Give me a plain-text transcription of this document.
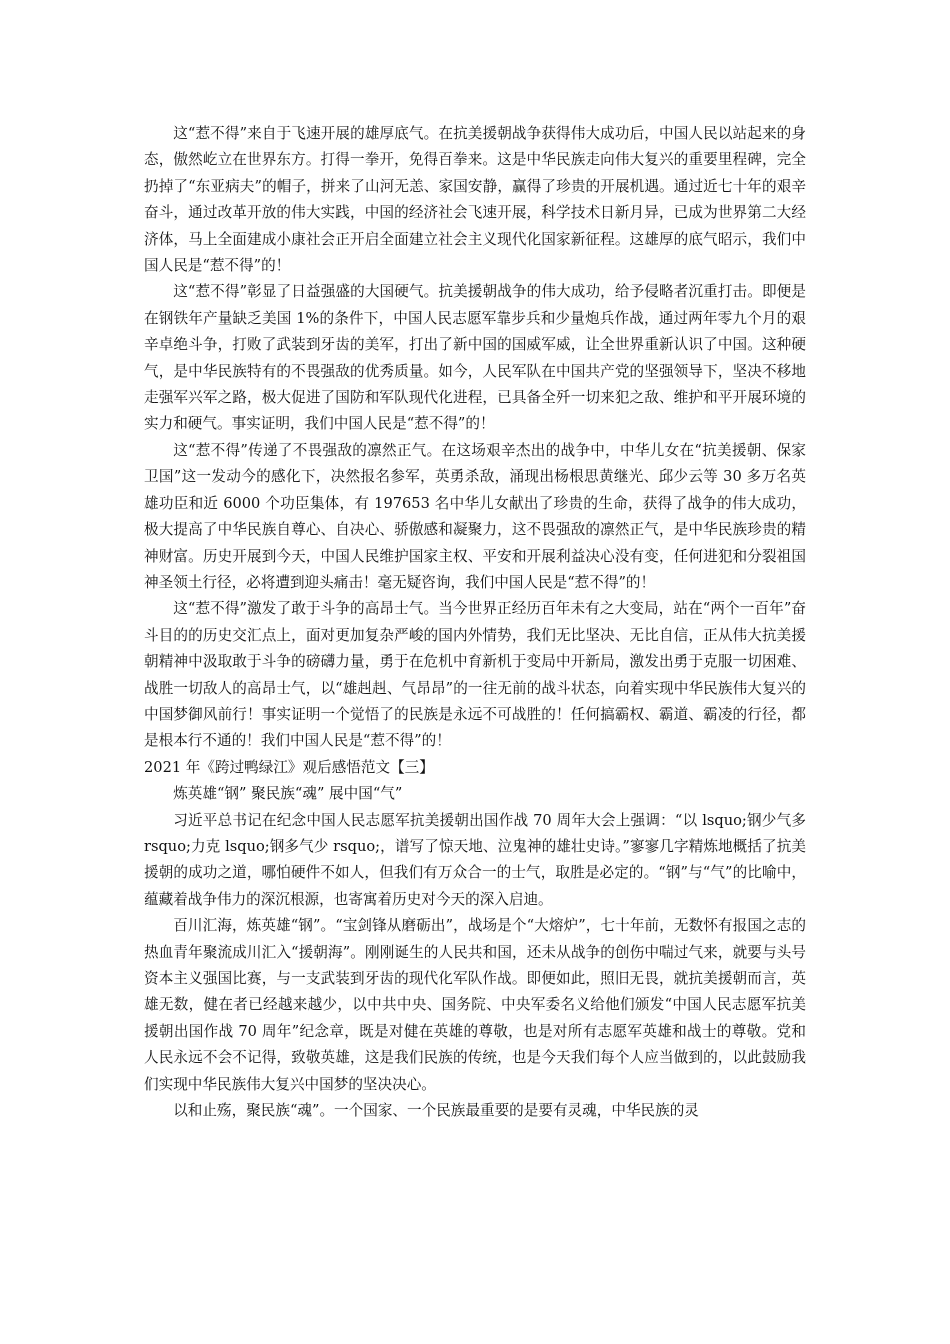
这“惹不得”来自于飞速开展的雄厚底气。在抗美援朝战争获得伟大成功后，中国人民以站起来的身态，傲然屹立在世界东方。打得一拳开，免得百拳来。这是中华民族走向伟大复兴的重要里程碑，完全扔掉了“东亚病夫”的帽子，拼来了山河无恙、家国安静，赢得了珍贵的开展机遇。通过近七十年的艰辛奋斗，通过改革开放的伟大实践，中国的经济社会飞速开展，科学技术日新月异，已成为世界第二大经济体，马上全面建成小康社会正开启全面建立社会主义现代化国家新征程。这雄厚的底气昭示，我们中国人民是“惹不得”的！

这“惹不得”彰显了日益强盛的大国硬气。抗美援朝战争的伟大成功，给予侵略者沉重打击。即便是在钢铁年产量缺乏美国 1%的条件下，中国人民志愿军靠步兵和少量炮兵作战，通过两年零九个月的艰辛卓绝斗争，打败了武装到牙齿的美军，打出了新中国的国威军威，让全世界重新认识了中国。这种硬气，是中华民族特有的不畏强敌的优秀质量。如今，人民军队在中国共产党的坚强领导下，坚决不移地走强军兴军之路，极大促进了国防和军队现代化进程，已具备全歼一切来犯之敌、维护和平开展环境的实力和硬气。事实证明，我们中国人民是“惹不得”的！

这“惹不得”传递了不畏强敌的凛然正气。在这场艰辛杰出的战争中，中华儿女在“抗美援朝、保家卫国”这一发动今的感化下，决然报名参军，英勇杀敌，涌现出杨根思黄继光、邱少云等 30 多万名英雄功臣和近 6000 个功臣集体，有 197653 名中华儿女献出了珍贵的生命，获得了战争的伟大成功，极大提高了中华民族自尊心、自决心、骄傲感和凝聚力，这不畏强敌的凛然正气，是中华民族珍贵的精神财富。历史开展到今天，中国人民维护国家主权、平安和开展利益决心没有变，任何进犯和分裂祖国神圣领土行径，必将遭到迎头痛击！毫无疑咨询，我们中国人民是“惹不得”的！

这“惹不得”激发了敢于斗争的高昂士气。当今世界正经历百年未有之大变局，站在“两个一百年”奋斗目的的历史交汇点上，面对更加复杂严峻的国内外情势，我们无比坚决、无比自信，正从伟大抗美援朝精神中汲取敢于斗争的磅礴力量，勇于在危机中育新机于变局中开新局，激发出勇于克服一切困难、战胜一切敌人的高昂士气，以“雄赳赳、气昂昂”的一往无前的战斗状态，向着实现中华民族伟大复兴的中国梦御风前行！事实证明一个觉悟了的民族是永远不可战胜的！任何搞霸权、霸道、霸凌的行径，都是根本行不通的！我们中国人民是“惹不得”的！

2021 年《跨过鸭绿江》观后感悟范文【三】

炼英雄“钢” 聚民族“魂” 展中国“气”

习近平总书记在纪念中国人民志愿军抗美援朝出国作战 70 周年大会上强调：“以 lsquo;钢少气多 rsquo;力克 lsquo;钢多气少 rsquo;，谱写了惊天地、泣鬼神的雄壮史诗。”寥寥几字精炼地概括了抗美援朝的成功之道，哪怕硬件不如人，但我们有万众合一的士气，取胜是必定的。“钢”与“气”的比喻中，蕴藏着战争伟力的深沉根源，也寄寓着历史对今天的深入启迪。

百川汇海，炼英雄“钢”。“宝剑锋从磨砺出”，战场是个“大熔炉”，七十年前，无数怀有报国之志的热血青年聚流成川汇入“援朝海”。刚刚诞生的人民共和国，还未从战争的创伤中喘过气来，就要与头号资本主义强国比赛，与一支武装到牙齿的现代化军队作战。即便如此，照旧无畏，就抗美援朝而言，英雄无数，健在者已经越来越少，以中共中央、国务院、中央军委名义给他们颁发“中国人民志愿军抗美援朝出国作战 70 周年”纪念章，既是对健在英雄的尊敬，也是对所有志愿军英雄和战士的尊敬。党和人民永远不会不记得，致敬英雄，这是我们民族的传统，也是今天我们每个人应当做到的，以此鼓励我们实现中华民族伟大复兴中国梦的坚决决心。

以和止殇，聚民族“魂”。一个国家、一个民族最重要的是要有灵魂，中华民族的灵
